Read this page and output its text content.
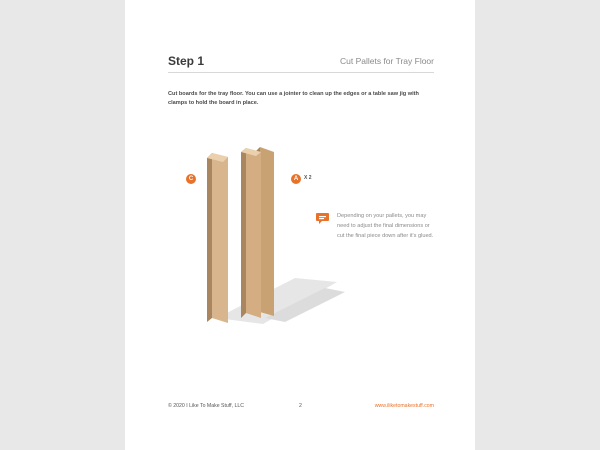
Step 1	Cut Pallets for Tray Floor
Cut boards for the tray floor. You can use a jointer to clean up the edges or a table saw jig with clamps to hold the board in place.
C	A	X 2
Depending on your pallets, you may need to adjust the final dimensions or cut the final piece down after it's glued.
© 2020 I Like To Make Stuff, LLC	2	www.iliketomakestuff.com
